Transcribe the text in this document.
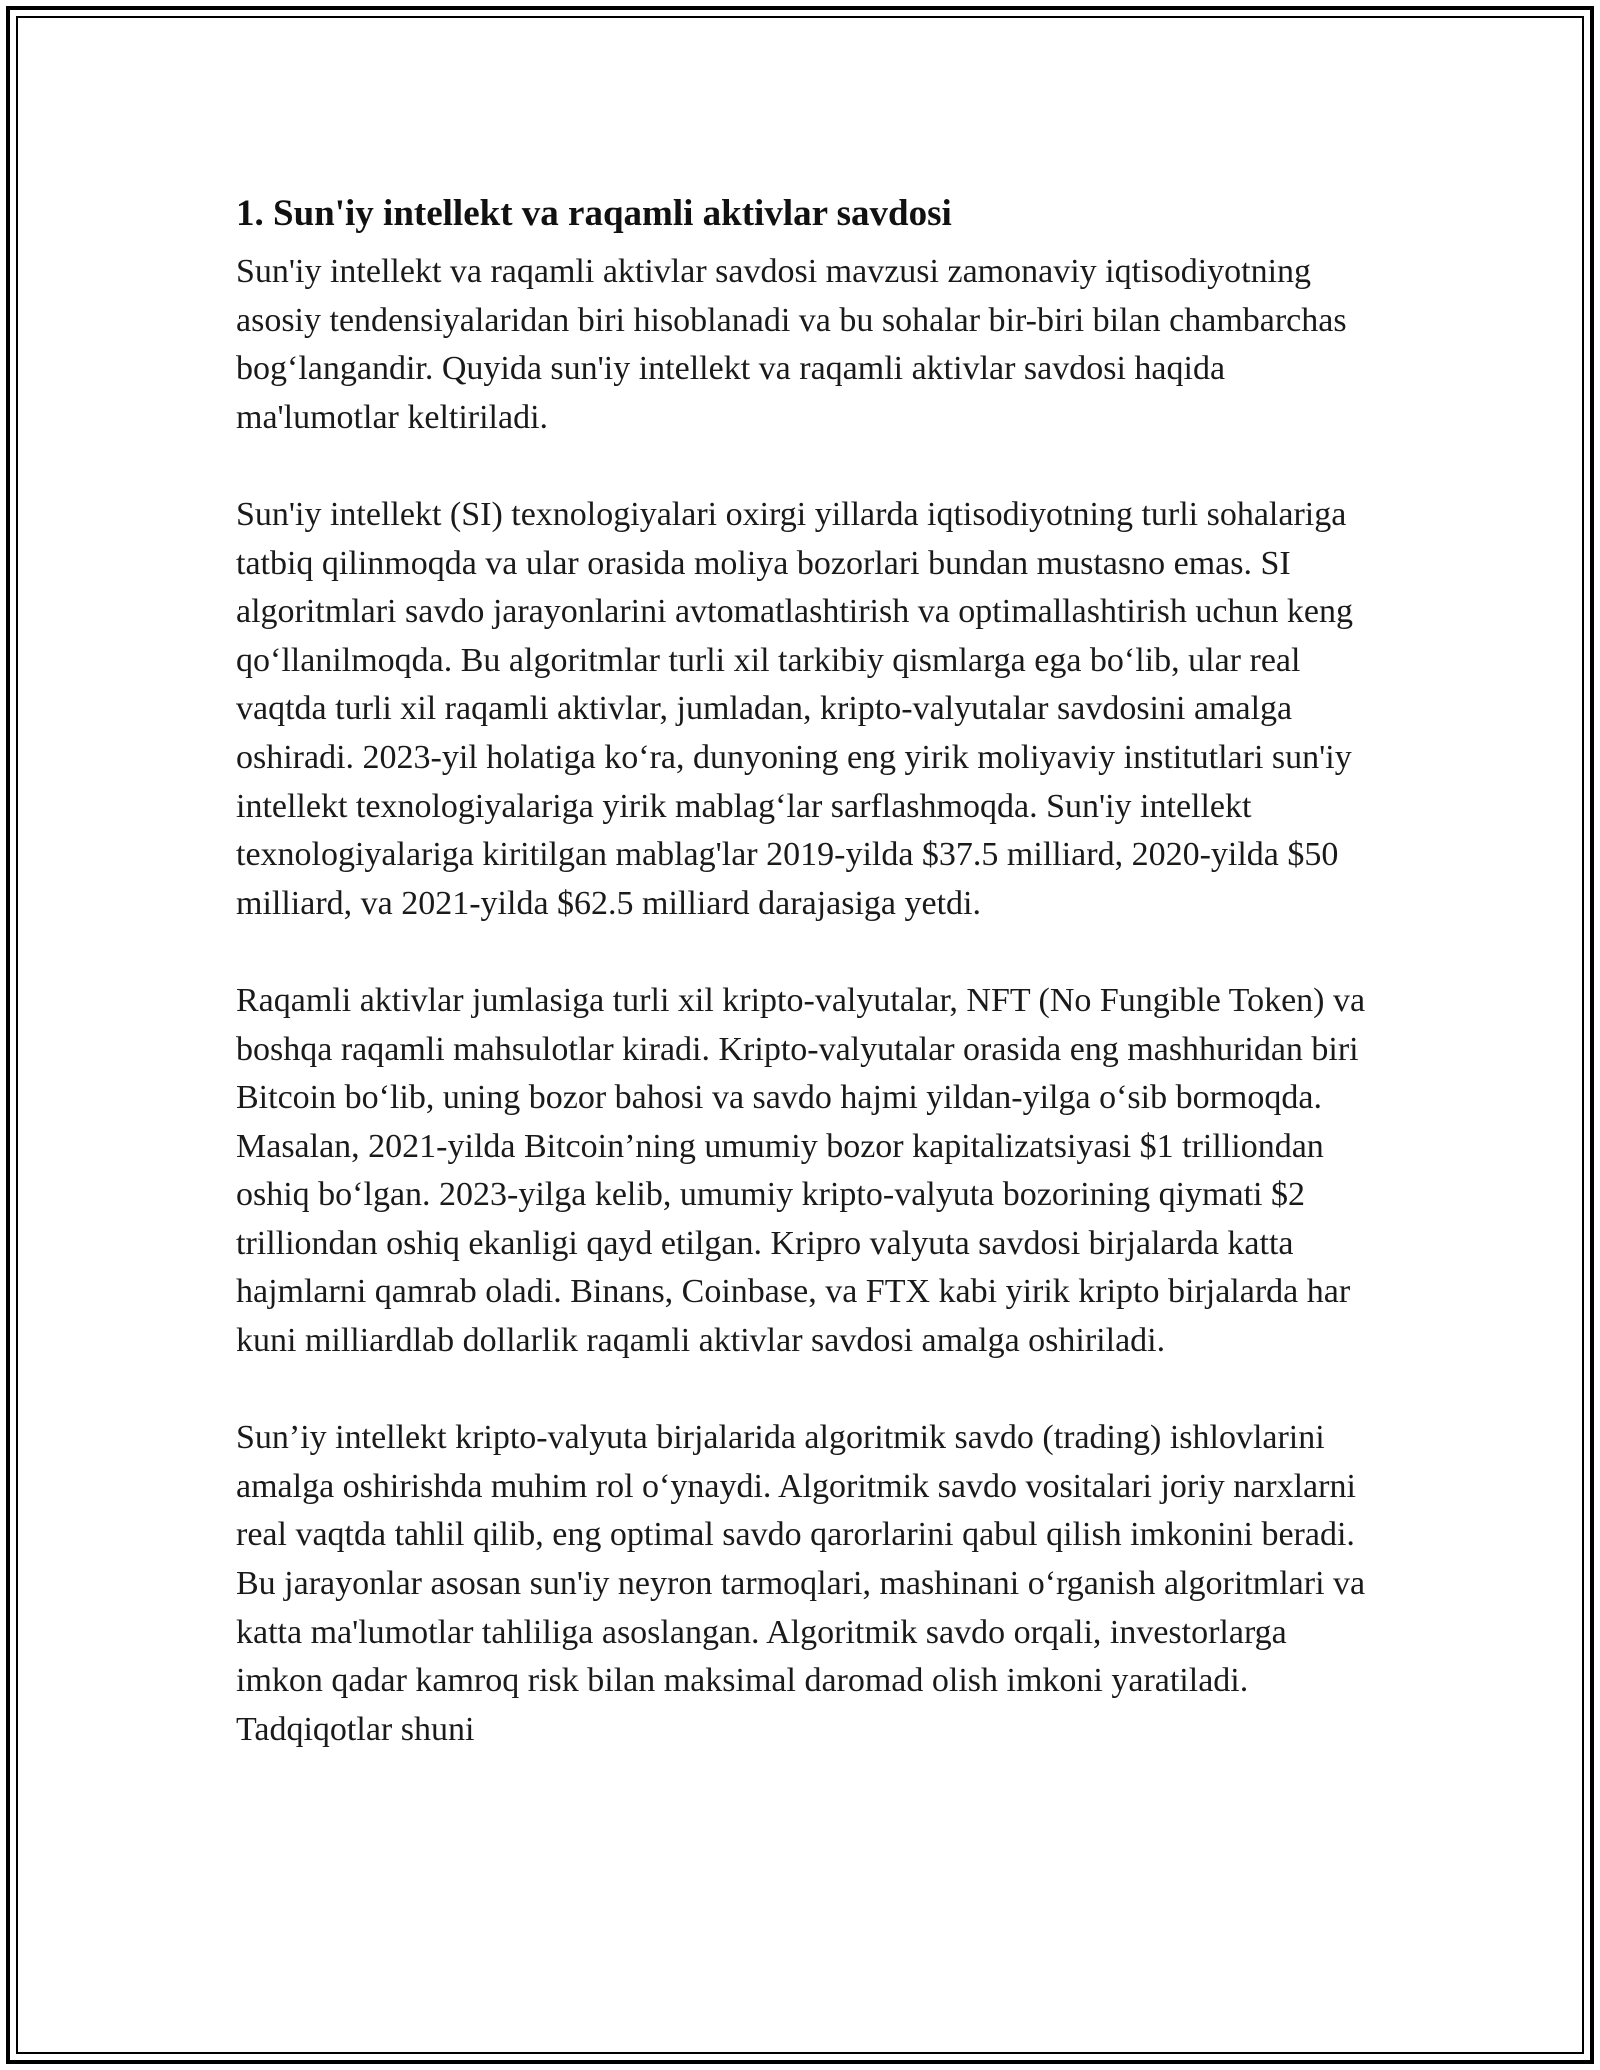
1. Sun'iy intellekt va raqamli aktivlar savdosi

Sun'iy intellekt va raqamli aktivlar savdosi mavzusi zamonaviy iqtisodiyotning asosiy tendensiyalaridan biri hisoblanadi va bu sohalar bir-biri bilan chambarchas bog‘langandir. Quyida sun'iy intellekt va raqamli aktivlar savdosi haqida ma'lumotlar keltiriladi.

Sun'iy intellekt (SI) texnologiyalari oxirgi yillarda iqtisodiyotning turli sohalariga tatbiq qilinmoqda va ular orasida moliya bozorlari bundan mustasno emas. SI algoritmlari savdo jarayonlarini avtomatlashtirish va optimallashtirish uchun keng qo‘llanilmoqda. Bu algoritmlar turli xil tarkibiy qismlarga ega bo‘lib, ular real vaqtda turli xil raqamli aktivlar, jumladan, kripto-valyutalar savdosini amalga oshiradi. 2023-yil holatiga ko‘ra, dunyoning eng yirik moliyaviy institutlari sun'iy intellekt texnologiyalariga yirik mablag‘lar sarflashmoqda. Sun'iy intellekt texnologiyalariga kiritilgan mablag'lar 2019-yilda $37.5 milliard, 2020-yilda $50 milliard, va 2021-yilda $62.5 milliard darajasiga yetdi.

Raqamli aktivlar jumlasiga turli xil kripto-valyutalar, NFT (No Fungible Token) va boshqa raqamli mahsulotlar kiradi. Kripto-valyutalar orasida eng mashhuridan biri Bitcoin bo‘lib, uning bozor bahosi va savdo hajmi yildan-yilga o‘sib bormoqda. Masalan, 2021-yilda Bitcoin’ning umumiy bozor kapitalizatsiyasi $1 trilliondan oshiq bo‘lgan. 2023-yilga kelib, umumiy kripto-valyuta bozorining qiymati $2 trilliondan oshiq ekanligi qayd etilgan. Kripro valyuta savdosi birjalarda katta hajmlarni qamrab oladi. Binans, Coinbase, va FTX kabi yirik kripto birjalarda har kuni milliardlab dollarlik raqamli aktivlar savdosi amalga oshiriladi.

Sun’iy intellekt kripto-valyuta birjalarida algoritmik savdo (trading) ishlovlarini amalga oshirishda muhim rol o‘ynaydi. Algoritmik savdo vositalari joriy narxlarni real vaqtda tahlil qilib, eng optimal savdo qarorlarini qabul qilish imkonini beradi. Bu jarayonlar asosan sun'iy neyron tarmoqlari, mashinani o‘rganish algoritmlari va katta ma'lumotlar tahliliga asoslangan. Algoritmik savdo orqali, investorlarga imkon qadar kamroq risk bilan maksimal daromad olish imkoni yaratiladi. Tadqiqotlar shuni
